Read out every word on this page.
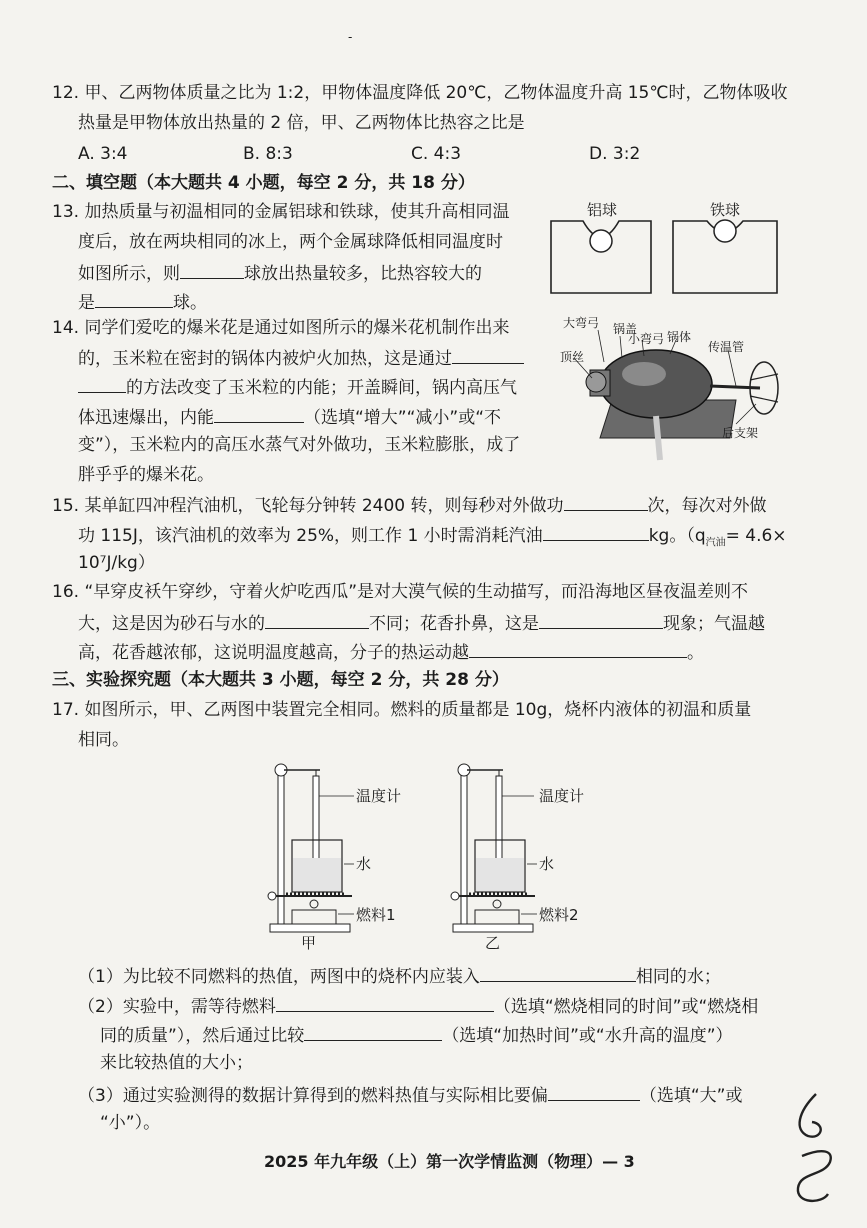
-
12. 甲、乙两物体质量之比为 1:2，甲物体温度降低 20℃，乙物体温度升高 15℃时，乙物体吸收
热量是甲物体放出热量的 2 倍，甲、乙两物体比热容之比是
A. 3:4	B. 8:3	C. 4:3	D. 3:2
二、填空题（本大题共 4 小题，每空 2 分，共 18 分）
13. 加热质量与初温相同的金属铝球和铁球，使其升高相同温
度后，放在两块相同的冰上，两个金属球降低相同温度时
如图所示，则	球放出热量较多，比热容较大的
是	球。
铝球	铁球
14. 同学们爱吃的爆米花是通过如图所示的爆米花机制作出来
的，玉米粒在密封的锅体内被炉火加热，这是通过
的方法改变了玉米粒的内能；开盖瞬间，锅内高压气
体迅速爆出，内能	（选填“增大”“减小”或“不
变”），玉米粒内的高压水蒸气对外做功，玉米粒膨胀，成了
胖乎乎的爆米花。
大弯弓 锅盖
小弯弓 锅体
顶丝
传温管
后支架
15. 某单缸四冲程汽油机，飞轮每分钟转 2400 转，则每秒对外做功	次，每次对外做
功 115J，该汽油机的效率为 25%，则工作 1 小时需消耗汽油	kg。（$q_{汽油}= 4.6\times$
10⁷J/kg）
16. “早穿皮袄午穿纱，守着火炉吃西瓜”是对大漠气候的生动描写，而沿海地区昼夜温差则不
大，这是因为砂石与水的	不同；花香扑鼻，这是	现象；气温越
高，花香越浓郁，这说明温度越高，分子的热运动越	。
三、实验探究题（本大题共 3 小题，每空 2 分，共 28 分）
17. 如图所示，甲、乙两图中装置完全相同。燃料的质量都是 10g，烧杯内液体的初温和质量
相同。
温度计
水
燃料1
甲
温度计
水
燃料2
乙
（1）为比较不同燃料的热值，两图中的烧杯内应装入	相同的水；
（2）实验中，需等待燃料	（选填“燃烧相同的时间”或“燃烧相
同的质量”），然后通过比较	（选填“加热时间”或“水升高的温度”）
来比较热值的大小；
（3）通过实验测得的数据计算得到的燃料热值与实际相比要偏	（选填“大”或
“小”）。
2025 年九年级（上）第一次学情监测（物理）— 3
